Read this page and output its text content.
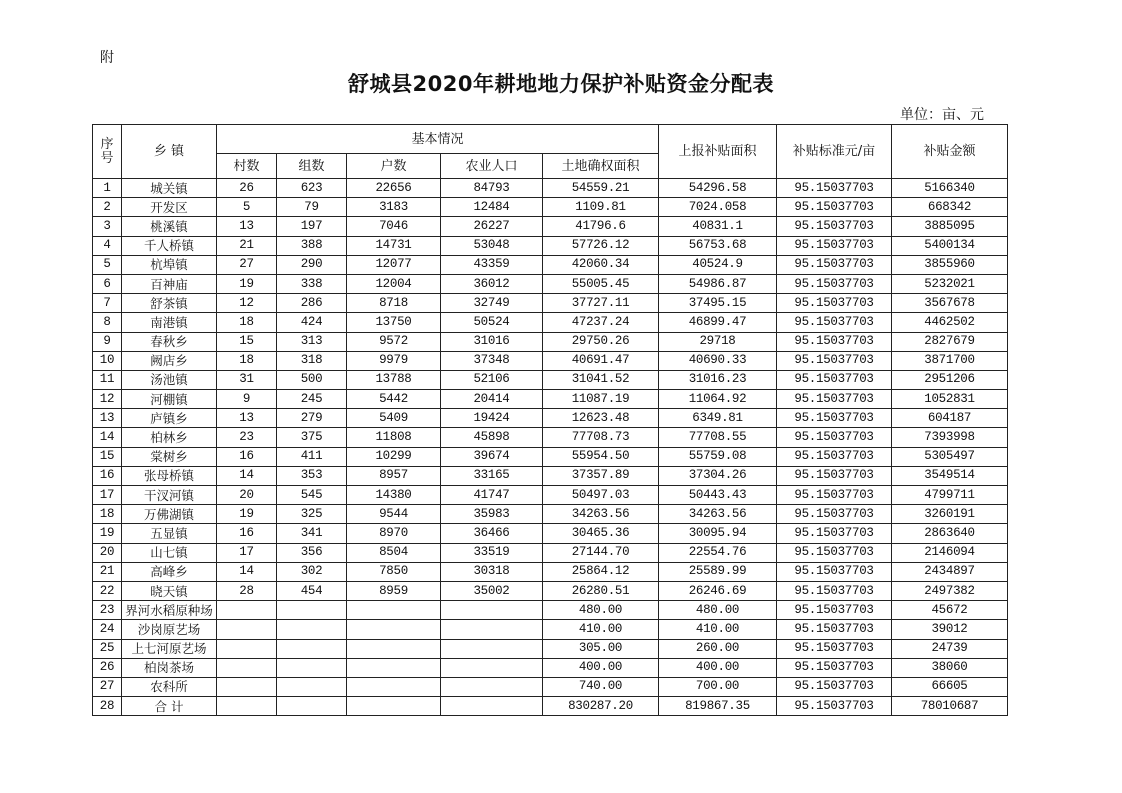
附
舒城县2020年耕地地力保护补贴资金分配表
单位：亩、元
序号	乡 镇	基本情况					上报补贴面积	补贴标准元/亩	补贴金额
		村数	组数	户数	农业人口	土地确权面积			
1	城关镇	26	623	22656	84793	54559.21	54296.58	95.15037703	5166340
2	开发区	5	79	3183	12484	1109.81	7024.058	95.15037703	668342
3	桃溪镇	13	197	7046	26227	41796.6	40831.1	95.15037703	3885095
4	千人桥镇	21	388	14731	53048	57726.12	56753.68	95.15037703	5400134
5	杭埠镇	27	290	12077	43359	42060.34	40524.9	95.15037703	3855960
6	百神庙	19	338	12004	36012	55005.45	54986.87	95.15037703	5232021
7	舒茶镇	12	286	8718	32749	37727.11	37495.15	95.15037703	3567678
8	南港镇	18	424	13750	50524	47237.24	46899.47	95.15037703	4462502
9	春秋乡	15	313	9572	31016	29750.26	29718	95.15037703	2827679
10	阙店乡	18	318	9979	37348	40691.47	40690.33	95.15037703	3871700
11	汤池镇	31	500	13788	52106	31041.52	31016.23	95.15037703	2951206
12	河棚镇	9	245	5442	20414	11087.19	11064.92	95.15037703	1052831
13	庐镇乡	13	279	5409	19424	12623.48	6349.81	95.15037703	604187
14	柏林乡	23	375	11808	45898	77708.73	77708.55	95.15037703	7393998
15	棠树乡	16	411	10299	39674	55954.50	55759.08	95.15037703	5305497
16	张母桥镇	14	353	8957	33165	37357.89	37304.26	95.15037703	3549514
17	干汊河镇	20	545	14380	41747	50497.03	50443.43	95.15037703	4799711
18	万佛湖镇	19	325	9544	35983	34263.56	34263.56	95.15037703	3260191
19	五显镇	16	341	8970	36466	30465.36	30095.94	95.15037703	2863640
20	山七镇	17	356	8504	33519	27144.70	22554.76	95.15037703	2146094
21	高峰乡	14	302	7850	30318	25864.12	25589.99	95.15037703	2434897
22	晓天镇	28	454	8959	35002	26280.51	26246.69	95.15037703	2497382
23	界河水稻原种场					480.00	480.00	95.15037703	45672
24	沙岗原艺场					410.00	410.00	95.15037703	39012
25	上七河原艺场					305.00	260.00	95.15037703	24739
26	柏岗茶场					400.00	400.00	95.15037703	38060
27	农科所					740.00	700.00	95.15037703	66605
28	合 计					830287.20	819867.35	95.15037703	78010687
